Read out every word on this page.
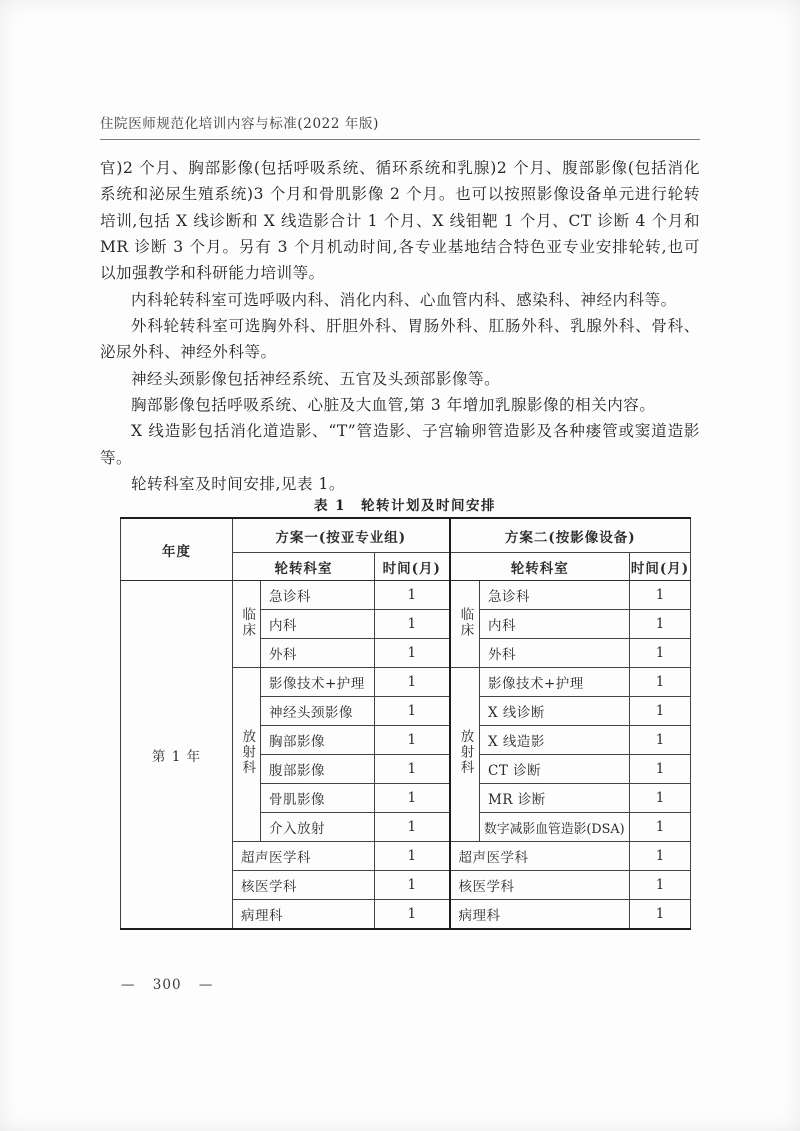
住院医师规范化培训内容与标准(2022 年版)

官)2 个月、胸部影像(包括呼吸系统、循环系统和乳腺)2 个月、腹部影像(包括消化系统和泌尿生殖系统)3 个月和骨肌影像 2 个月。也可以按照影像设备单元进行轮转培训,包括 X 线诊断和 X 线造影合计 1 个月、X 线钼靶 1 个月、CT 诊断 4 个月和 MR 诊断 3 个月。另有 3 个月机动时间,各专业基地结合特色亚专业安排轮转,也可以加强教学和科研能力培训等。

内科轮转科室可选呼吸内科、消化内科、心血管内科、感染科、神经内科等。

外科轮转科室可选胸外科、肝胆外科、胃肠外科、肛肠外科、乳腺外科、骨科、泌尿外科、神经外科等。

神经头颈影像包括神经系统、五官及头颈部影像等。

胸部影像包括呼吸系统、心脏及大血管,第 3 年增加乳腺影像的相关内容。

X 线造影包括消化道造影、“T”管造影、子宫输卵管造影及各种瘘管或窦道造影等。

轮转科室及时间安排,见表 1。

表 1　轮转计划及时间安排
年度	方案一(按亚专业组)			方案二(按影像设备)		
	轮转科室		时间(月)	轮转科室		时间(月)
第 1 年	临床	急诊科	1	临床	急诊科	1
		内科	1		内科	1
		外科	1		外科	1
	放射科	影像技术+护理	1	放射科	影像技术+护理	1
		神经头颈影像	1		X 线诊断	1
		胸部影像	1		X 线造影	1
		腹部影像	1		CT 诊断	1
		骨肌影像	1		MR 诊断	1
		介入放射	1		数字减影血管造影(DSA)	1
	超声医学科		1	超声医学科		1
	核医学科		1	核医学科		1
	病理科		1	病理科		1
— 300 —
